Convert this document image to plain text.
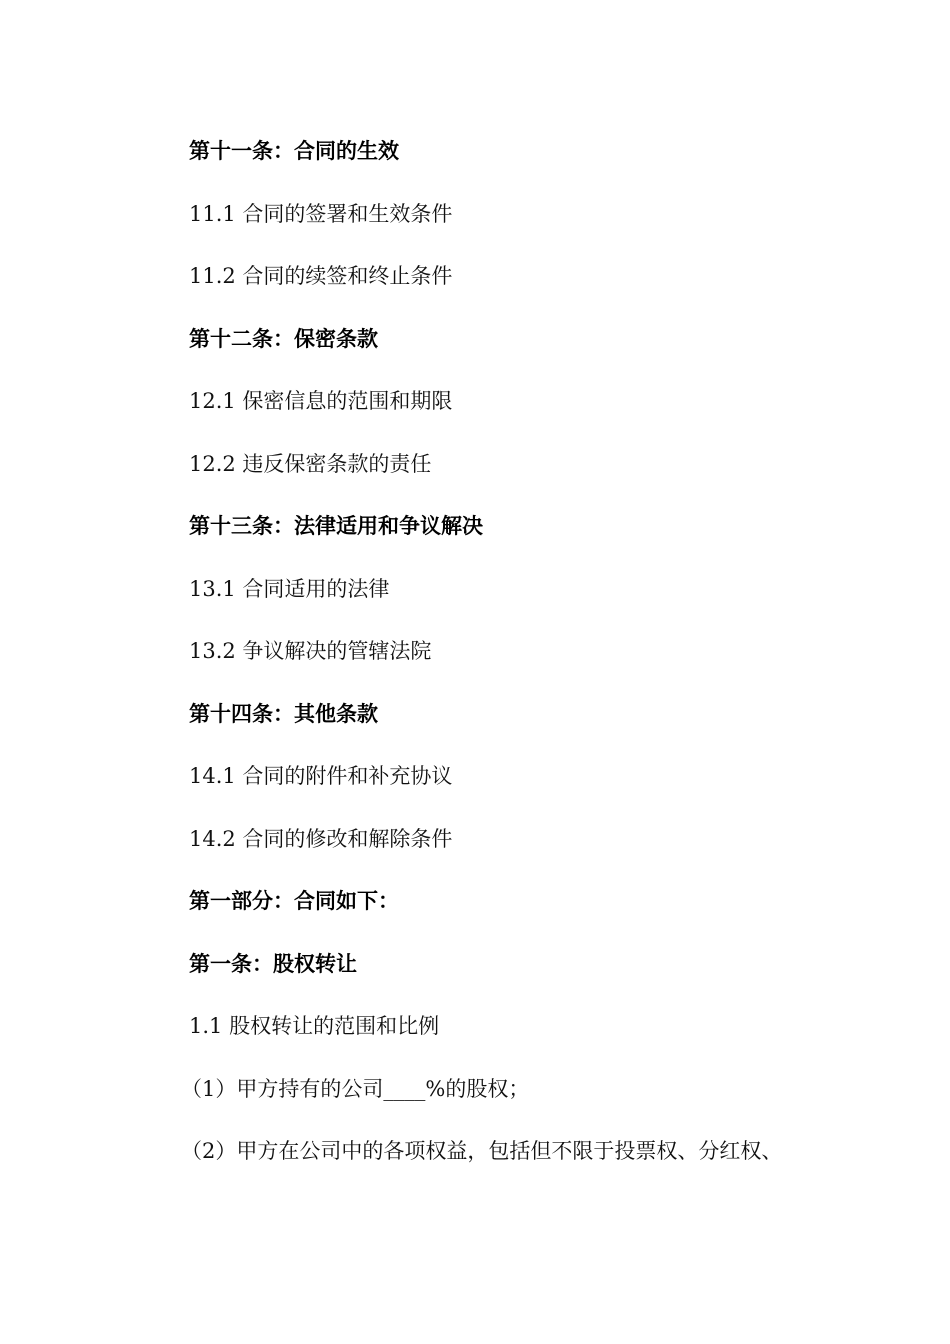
第十一条：合同的生效
11.1 合同的签署和生效条件
11.2 合同的续签和终止条件
第十二条：保密条款
12.1 保密信息的范围和期限
12.2 违反保密条款的责任
第十三条：法律适用和争议解决
13.1 合同适用的法律
13.2 争议解决的管辖法院
第十四条：其他条款
14.1 合同的附件和补充协议
14.2 合同的修改和解除条件
第一部分：合同如下：
第一条：股权转让
1.1 股权转让的范围和比例
（1）甲方持有的公司____%的股权；
（2）甲方在公司中的各项权益，包括但不限于投票权、分红权、
